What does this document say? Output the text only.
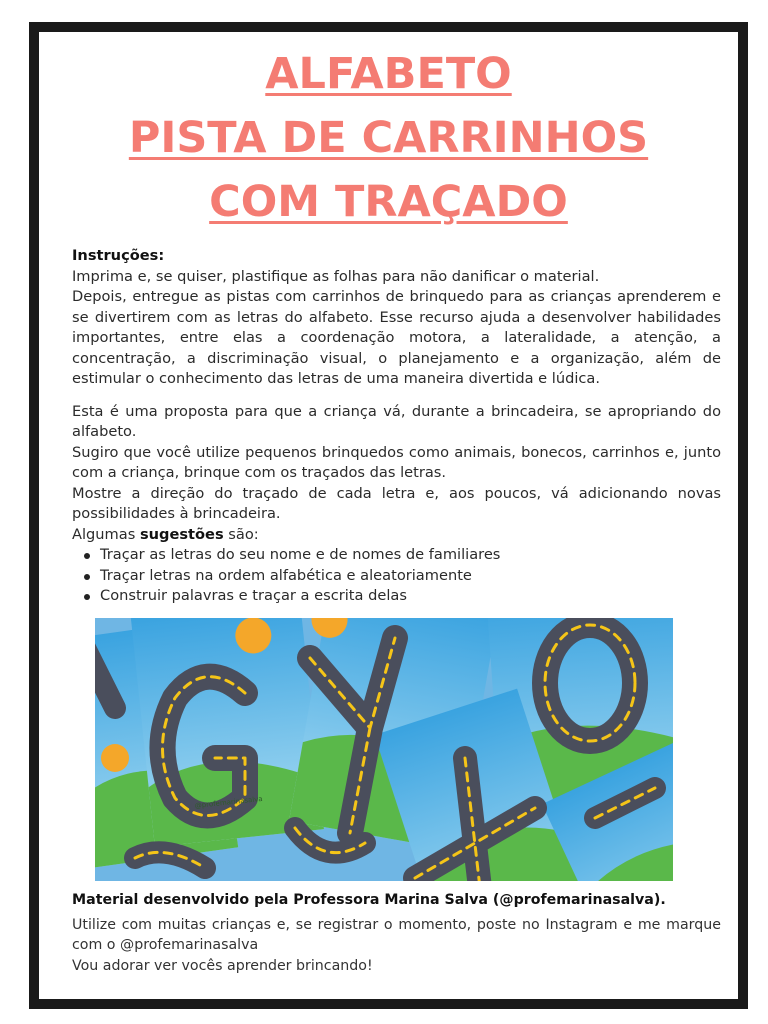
ALFABETO
PISTA DE CARRINHOS
COM TRAÇADO

Instruções:

Imprima e, se quiser, plastifique as folhas para não danificar o material.

Depois, entregue as pistas com carrinhos de brinquedo para as crianças aprenderem e se divertirem com as letras do alfabeto. Esse recurso ajuda a desenvolver habilidades importantes, entre elas a coordenação motora, a lateralidade, a atenção, a concentração, a discriminação visual, o planejamento e a organização, além de estimular o conhecimento das letras de uma maneira divertida e lúdica.

Esta é uma proposta para que a criança vá, durante a brincadeira, se apropriando do alfabeto.

Sugiro que você utilize pequenos brinquedos como animais, bonecos, carrinhos e, junto com a criança, brinque com os traçados das letras.

Mostre a direção do traçado de cada letra e, aos poucos, vá adicionando novas possibilidades à brincadeira.

Algumas sugestões são:

Traçar as letras do seu nome e de nomes de familiares
Traçar letras na ordem alfabética e aleatoriamente
Construir palavras e traçar a escrita delas
@profemarinasalva

Material desenvolvido pela Professora Marina Salva (@profemarinasalva).

Utilize com muitas crianças e, se registrar o momento, poste no Instagram e me marque com o @profemarinasalva

Vou adorar ver vocês aprender brincando!
